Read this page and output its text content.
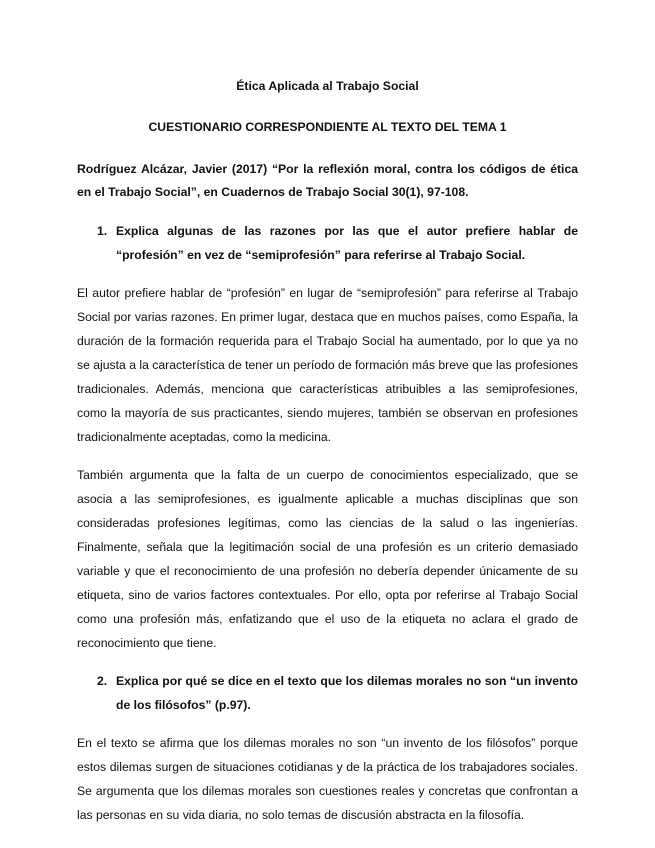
Ética Aplicada al Trabajo Social
CUESTIONARIO CORRESPONDIENTE AL TEXTO DEL TEMA 1
Rodríguez Alcázar, Javier (2017) “Por la reflexión moral, contra los códigos de ética en el Trabajo Social”, en Cuadernos de Trabajo Social 30(1), 97-108.
1. Explica algunas de las razones por las que el autor prefiere hablar de “profesión” en vez de “semiprofesión” para referirse al Trabajo Social.

El autor prefiere hablar de “profesión” en lugar de “semiprofesión” para referirse al Trabajo Social por varias razones. En primer lugar, destaca que en muchos países, como España, la duración de la formación requerida para el Trabajo Social ha aumentado, por lo que ya no se ajusta a la característica de tener un período de formación más breve que las profesiones tradicionales. Además, menciona que características atribuibles a las semiprofesiones, como la mayoría de sus practicantes, siendo mujeres, también se observan en profesiones tradicionalmente aceptadas, como la medicina.

También argumenta que la falta de un cuerpo de conocimientos especializado, que se asocia a las semiprofesiones, es igualmente aplicable a muchas disciplinas que son consideradas profesiones legítimas, como las ciencias de la salud o las ingenierías. Finalmente, señala que la legitimación social de una profesión es un criterio demasiado variable y que el reconocimiento de una profesión no debería depender únicamente de su etiqueta, sino de varios factores contextuales. Por ello, opta por referirse al Trabajo Social como una profesión más, enfatizando que el uso de la etiqueta no aclara el grado de reconocimiento que tiene.

2. Explica por qué se dice en el texto que los dilemas morales no son “un invento de los filósofos” (p.97).

En el texto se afirma que los dilemas morales no son “un invento de los filósofos” porque estos dilemas surgen de situaciones cotidianas y de la práctica de los trabajadores sociales. Se argumenta que los dilemas morales son cuestiones reales y concretas que confrontan a las personas en su vida diaria, no solo temas de discusión abstracta en la filosofía.
